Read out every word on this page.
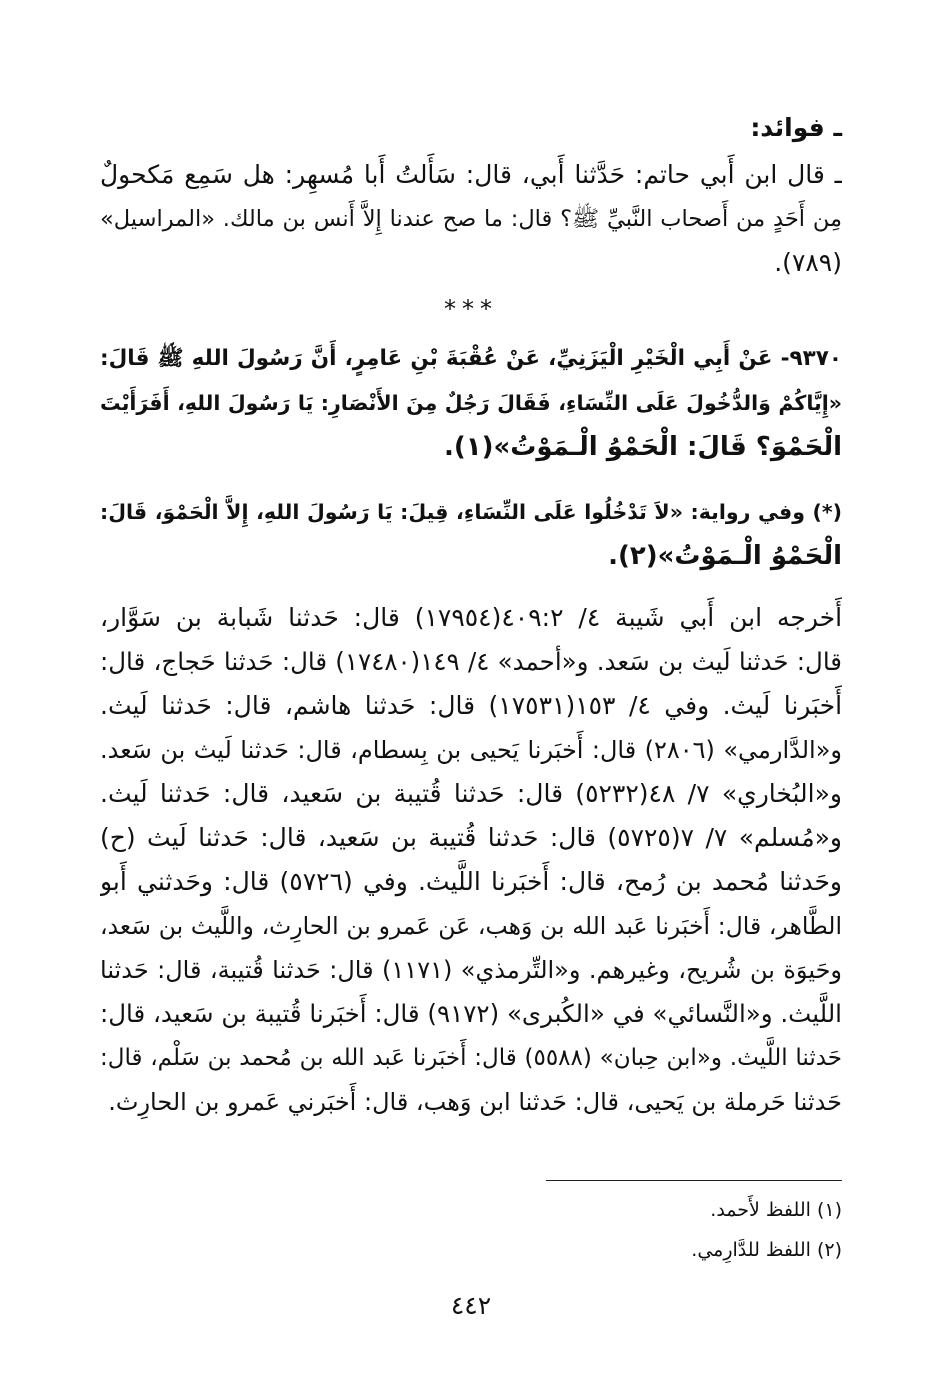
ـ فوائد:
ـ قال ابن أَبي حاتم: حَدَّثنا أَبي، قال: سَأَلتُ أَبا مُسهِر: هل سَمِع مَكحولٌ
مِن أَحَدٍ من أَصحاب النَّبيِّ ﷺ؟ قال: ما صح عندنا إِلاَّ أَنس بن مالك. «المراسيل»
(٧٨٩).
***
٩٣٧٠- عَنْ أَبِي الْخَيْرِ الْيَزَنِيِّ، عَنْ عُقْبَةَ بْنِ عَامِرٍ، أَنَّ رَسُولَ اللهِ ﷺ قَالَ:
«إِيَّاكُمْ وَالدُّخُولَ عَلَى النِّسَاءِ، فَقَالَ رَجُلٌ مِنَ الأَنْصَارِ: يَا رَسُولَ اللهِ، أَفَرَأَيْتَ
الْحَمْوَ؟ قَالَ: الْحَمْوُ الْـمَوْتُ»(١).
(*) وفي رواية: «لاَ تَدْخُلُوا عَلَى النِّسَاءِ، قِيلَ: يَا رَسُولَ اللهِ، إِلاَّ الْحَمْوَ، قَالَ:
الْحَمْوُ الْـمَوْتُ»(٢).
أَخرجه ابن أَبي شَيبة ٤/ ٤٠٩:٢(١٧٩٥٤) قال: حَدثنا شَبابة بن سَوَّار،
قال: حَدثنا لَيث بن سَعد. و«أحمد» ٤/ ١٤٩(١٧٤٨٠) قال: حَدثنا حَجاج، قال:
أَخبَرنا لَيث. وفي ٤/ ١٥٣(١٧٥٣١) قال: حَدثنا هاشم، قال: حَدثنا لَيث.
و«الدَّارمي» (٢٨٠٦) قال: أَخبَرنا يَحيى بن بِسطام، قال: حَدثنا لَيث بن سَعد.
و«البُخاري» ٧/ ٤٨(٥٢٣٢) قال: حَدثنا قُتيبة بن سَعيد، قال: حَدثنا لَيث.
و«مُسلم» ٧/ ٧(٥٧٢٥) قال: حَدثنا قُتيبة بن سَعيد، قال: حَدثنا لَيث (ح)
وحَدثنا مُحمد بن رُمح، قال: أَخبَرنا اللَّيث. وفي (٥٧٢٦) قال: وحَدثني أَبو
الطَّاهر، قال: أَخبَرنا عَبد الله بن وَهب، عَن عَمرو بن الحارِث، واللَّيث بن سَعد،
وحَيوَة بن شُريح، وغيرهم. و«التِّرمذي» (١١٧١) قال: حَدثنا قُتيبة، قال: حَدثنا
اللَّيث. و«النَّسائي» في «الكُبرى» (٩١٧٢) قال: أَخبَرنا قُتيبة بن سَعيد، قال:
حَدثنا اللَّيث. و«ابن حِبان» (٥٥٨٨) قال: أَخبَرنا عَبد الله بن مُحمد بن سَلْم، قال:
حَدثنا حَرملة بن يَحيى، قال: حَدثنا ابن وَهب، قال: أَخبَرني عَمرو بن الحارِث.
(١) اللفظ لأَحمد.
(٢) اللفظ للدَّارِمي.
٤٤٢
